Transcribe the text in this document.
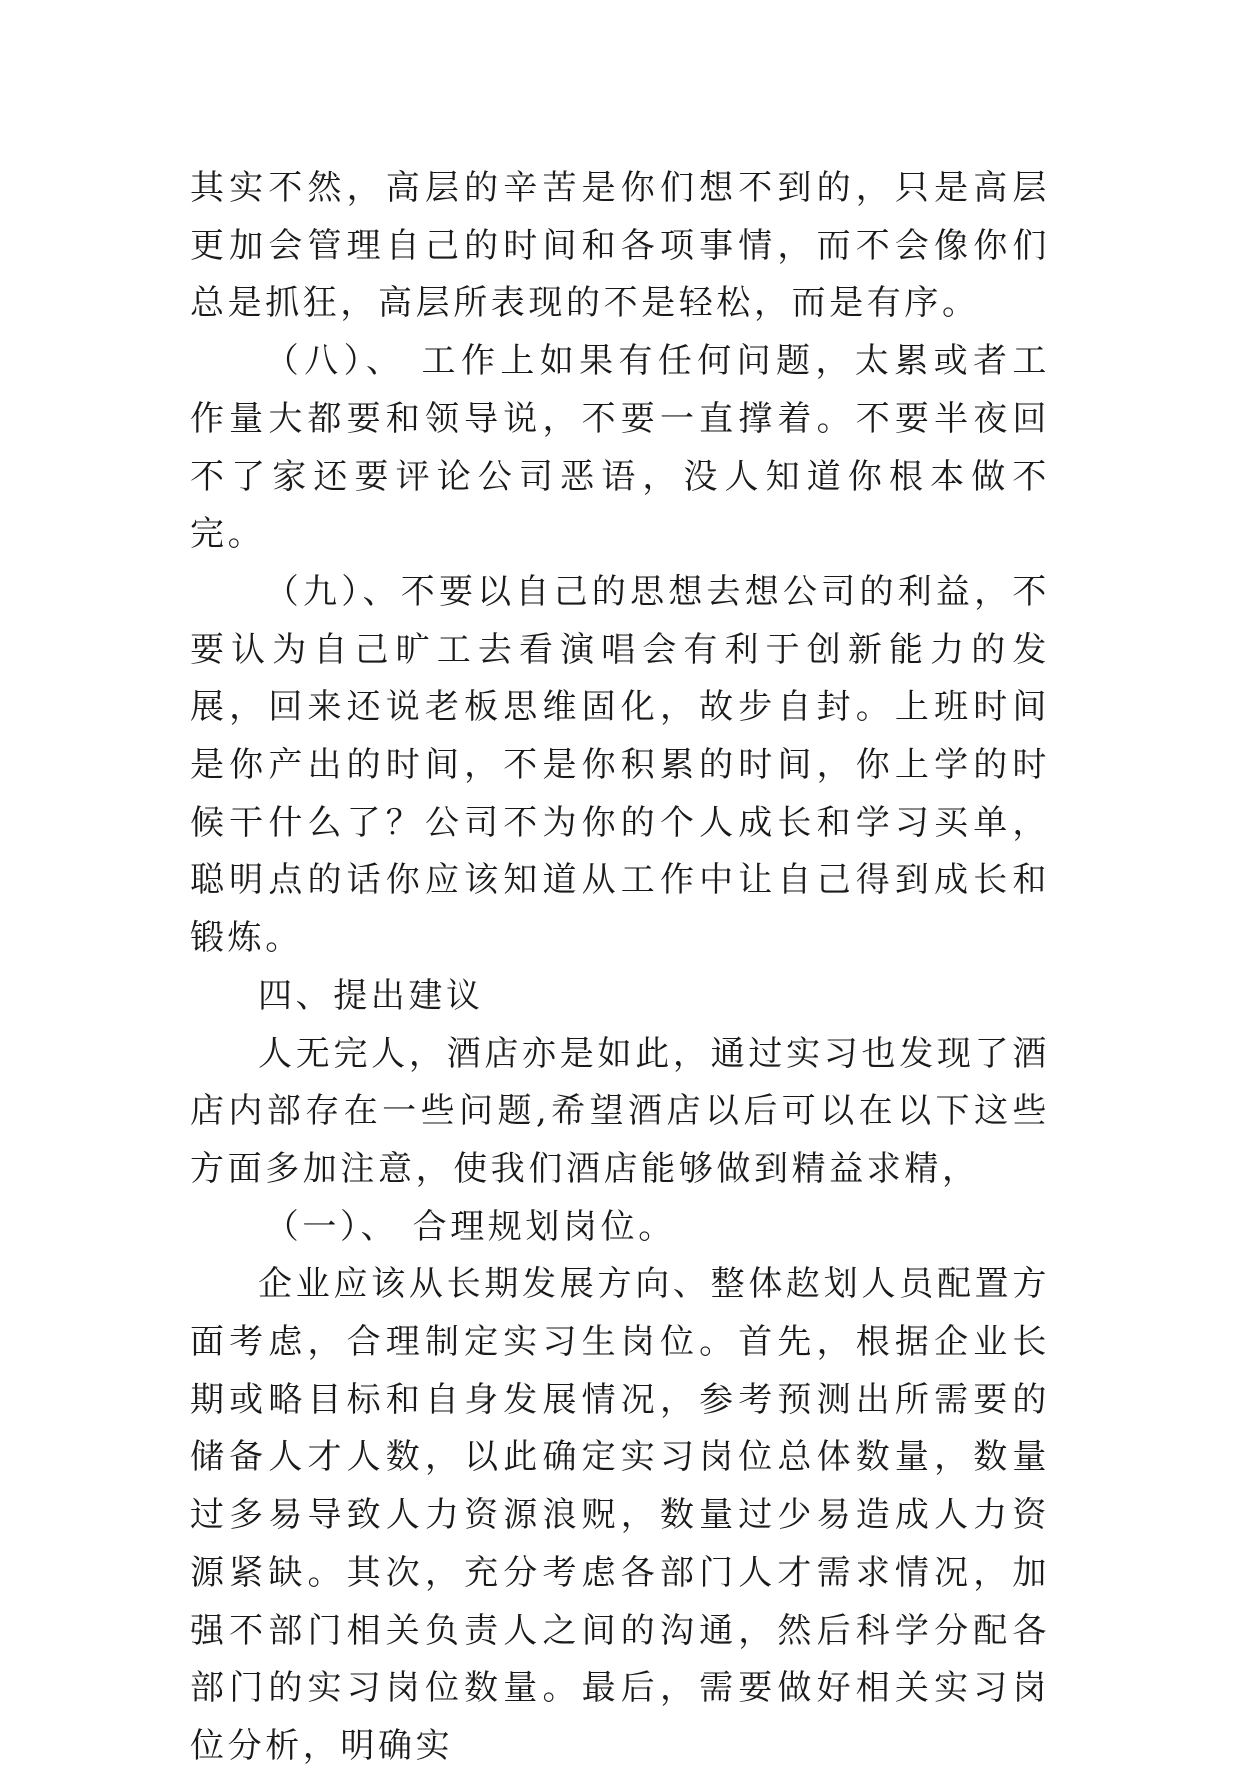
其实不然，高层的辛苦是你们想不到的，只是高层更加会管理自己的时间和各项事情，而不会像你们总是抓狂，高层所表现的不是轻松，而是有序。

（八）、 工作上如果有任何问题，太累或者工作量大都要和领导说，不要一直撑着。不要半夜回不了家还要评论公司恶语，没人知道你根本做不完。

（九）、不要以自己的思想去想公司的利益，不要认为自己旷工去看演唱会有利于创新能力的发展，回来还说老板思维固化，故步自封。上班时间是你产出的时间，不是你积累的时间，你上学的时候干什么了？公司不为你的个人成长和学习买单，聪明点的话你应该知道从工作中让自己得到成长和锻炼。

四、提出建议

人无完人，酒店亦是如此，通过实习也发现了酒店内部存在一些问题,希望酒店以后可以在以下这些方面多加注意，使我们酒店能够做到精益求精，

（一）、 合理规划岗位。

企业应该从长期发展方向、整体赼划人员配置方面考虑，合理制定实习生岗位。首先，根据企业长期或略目标和自身发展情况，参考预测出所需要的储备人才人数，以此确定实习岗位总体数量，数量过多易导致人力资源浪贶，数量过少易造成人力资源紧缺。其次，充分考虑各部门人才需求情况，加强不部门相关负责人之间的沟通，然后科学分配各部门的实习岗位数量。最后，需要做好相关实习岗位分析，明确实
